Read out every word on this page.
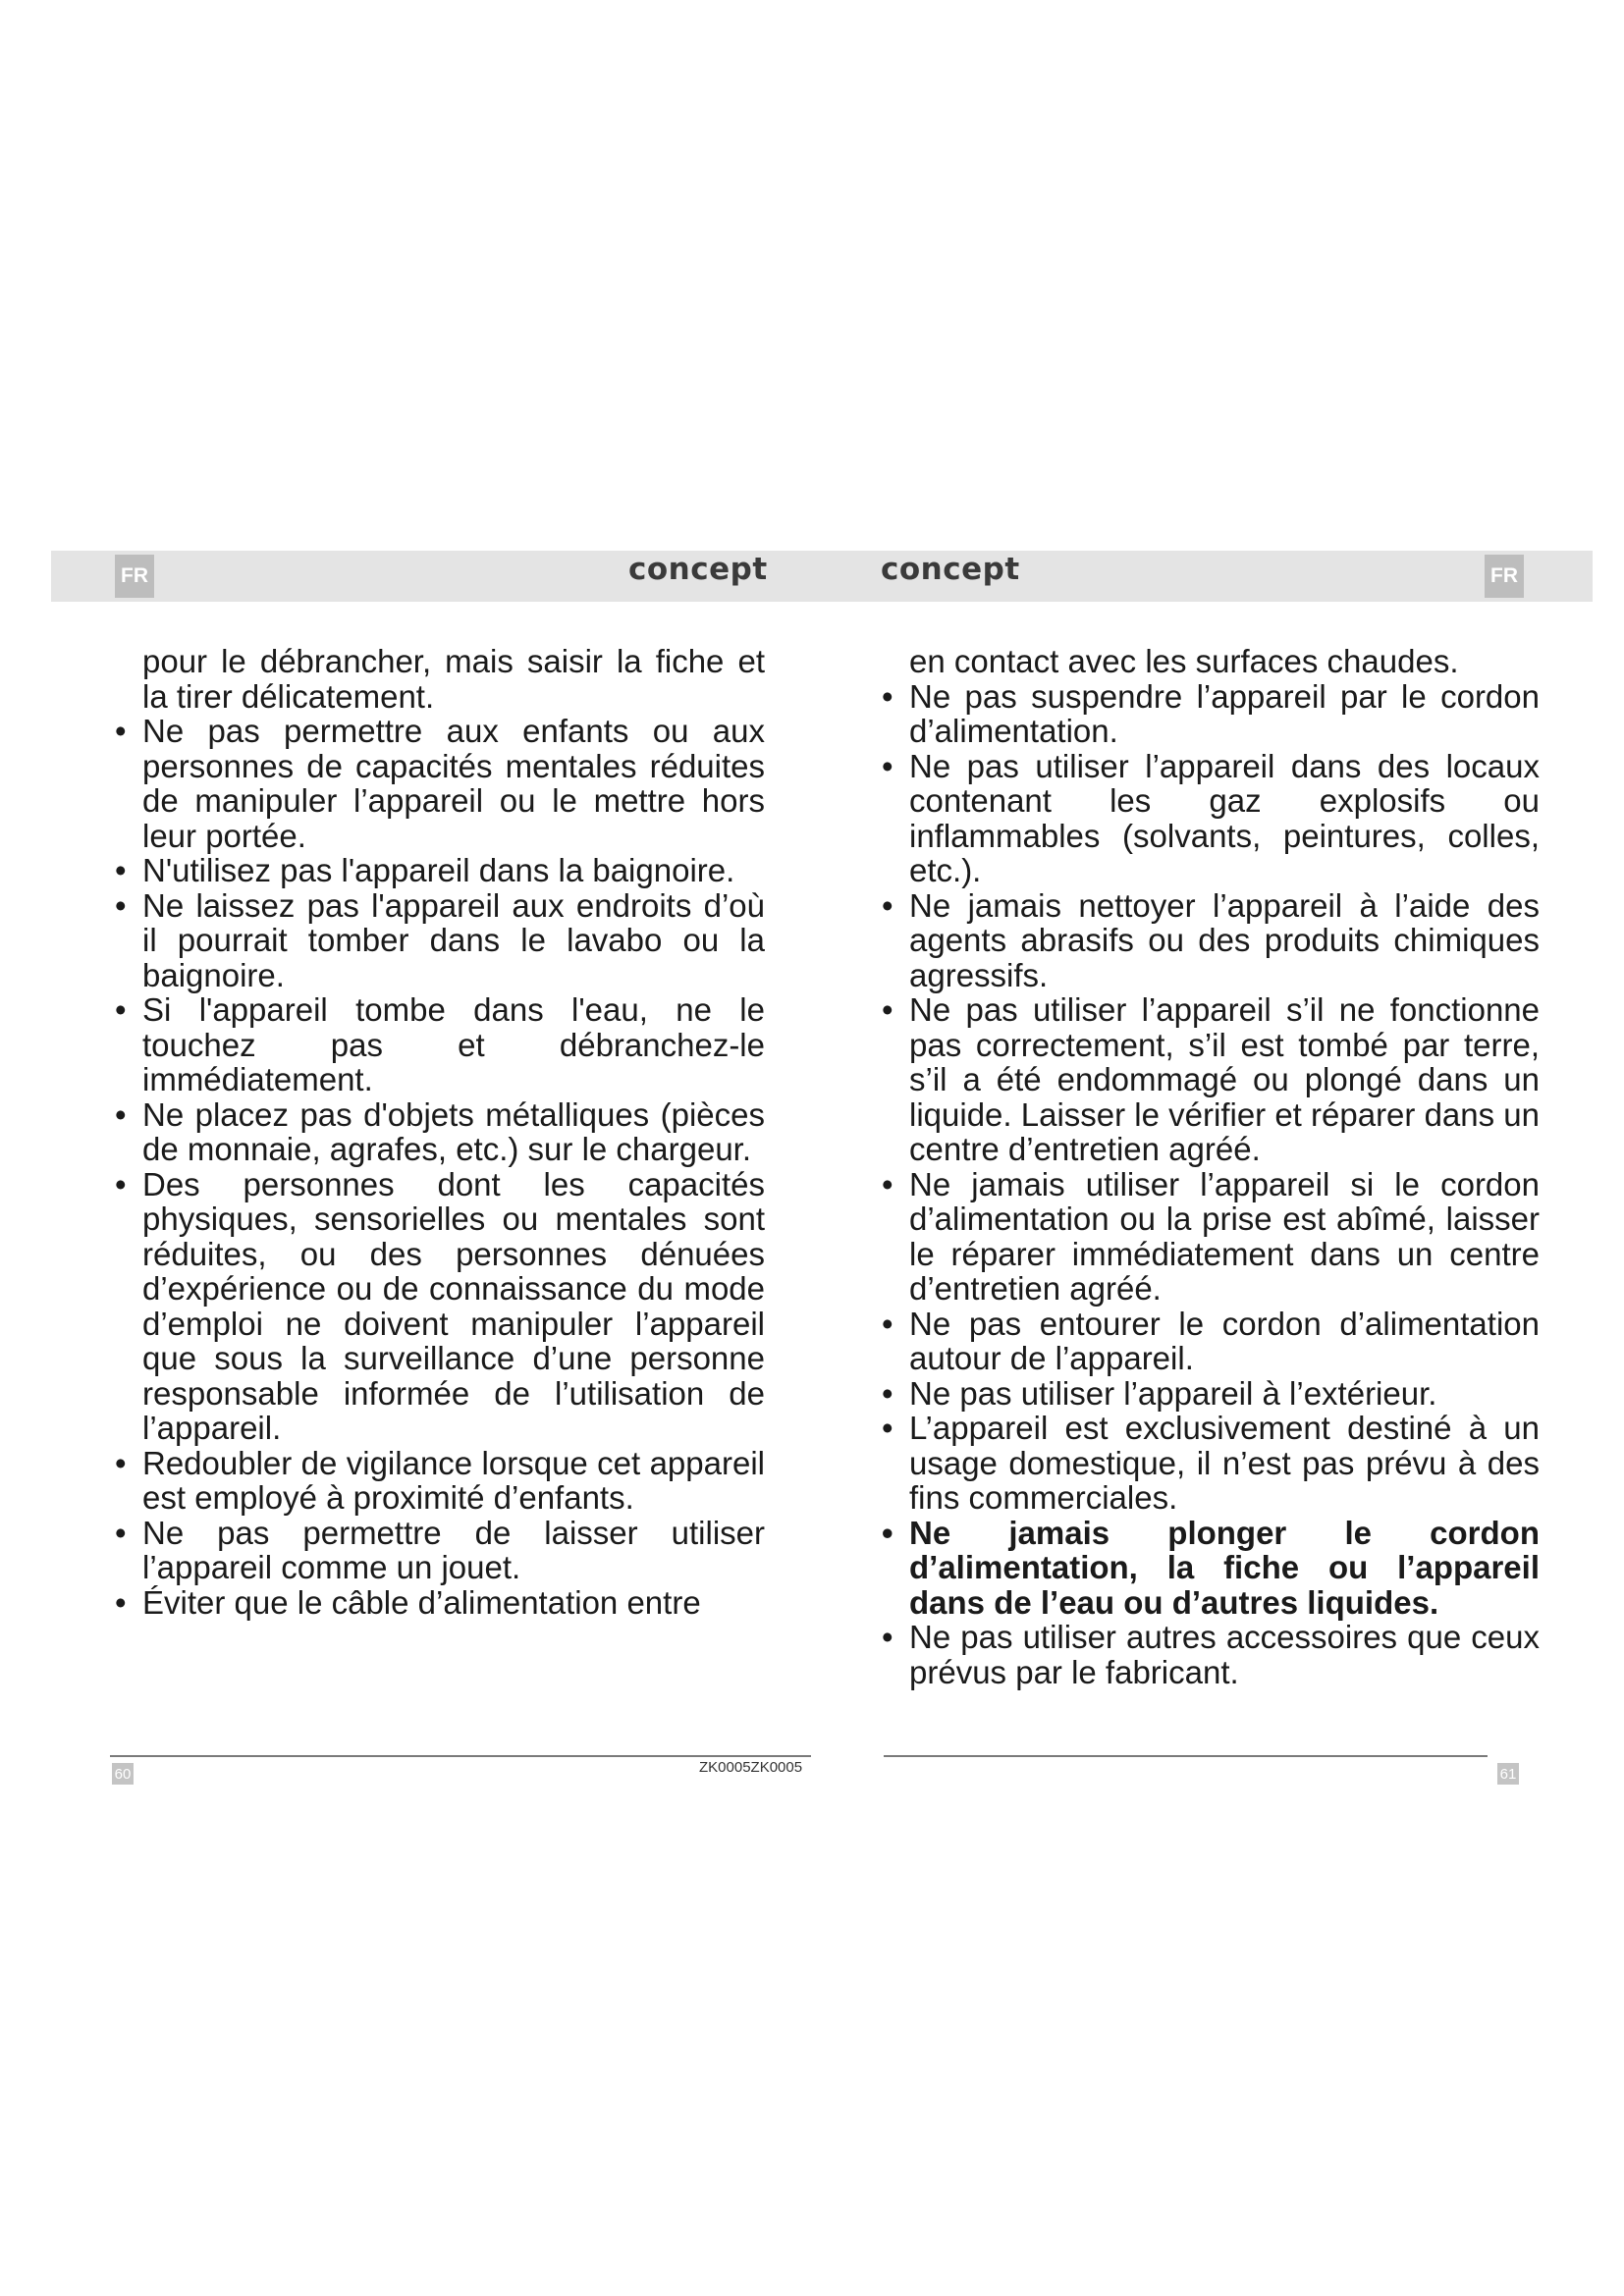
FR	concept	concept	FR

pour le débrancher, mais saisir la fiche et la tirer délicatement.

• Ne pas permettre aux enfants ou aux personnes de capacités mentales réduites de manipuler l’appareil ou le mettre hors leur portée.
• N'utilisez pas l'appareil dans la baignoire.
• Ne laissez pas l'appareil aux endroits d’où il pourrait tomber dans le lavabo ou la baignoire.
• Si l'appareil tombe dans l'eau, ne le touchez pas et débranchez-le immédiatement.
• Ne placez pas d'objets métalliques (pièces de monnaie, agrafes, etc.) sur le chargeur.
• Des personnes dont les capacités physiques, sensorielles ou mentales sont réduites, ou des personnes dénuées d’expérience ou de connaissance du mode d’emploi ne doivent manipuler l’appareil que sous la surveillance d’une personne responsable informée de l’utilisation de l’appareil.
• Redoubler de vigilance lorsque cet appareil est employé à proximité d’enfants.
• Ne pas permettre de laisser utiliser l’appareil comme un jouet.
• Éviter que le câble d’alimentation entre

en contact avec les surfaces chaudes.

• Ne pas suspendre l’appareil par le cordon d’alimentation.
• Ne pas utiliser l’appareil dans des locaux contenant les gaz explosifs ou inflammables (solvants, peintures, colles, etc.).
• Ne jamais nettoyer l’appareil à l’aide des agents abrasifs ou des produits chimiques agressifs.
• Ne pas utiliser l’appareil s’il ne fonctionne pas correctement, s’il est tombé par terre, s’il a été endommagé ou plongé dans un liquide. Laisser le vérifier et réparer dans un centre d’entretien agréé.
• Ne jamais utiliser l’appareil si le cordon d’alimentation ou la prise est abîmé, laisser le réparer immédiatement dans un centre d’entretien agréé.
• Ne pas entourer le cordon d’alimentation autour de l’appareil.
• Ne pas utiliser l’appareil à l’extérieur.
• L’appareil est exclusivement destiné à un usage domestique, il n’est pas prévu à des fins commerciales.
• Ne jamais plonger le cordon d’alimentation, la fiche ou l’appareil dans de l’eau ou d’autres liquides.
• Ne pas utiliser autres accessoires que ceux prévus par le fabricant.
60	ZK0005ZK0005	61
